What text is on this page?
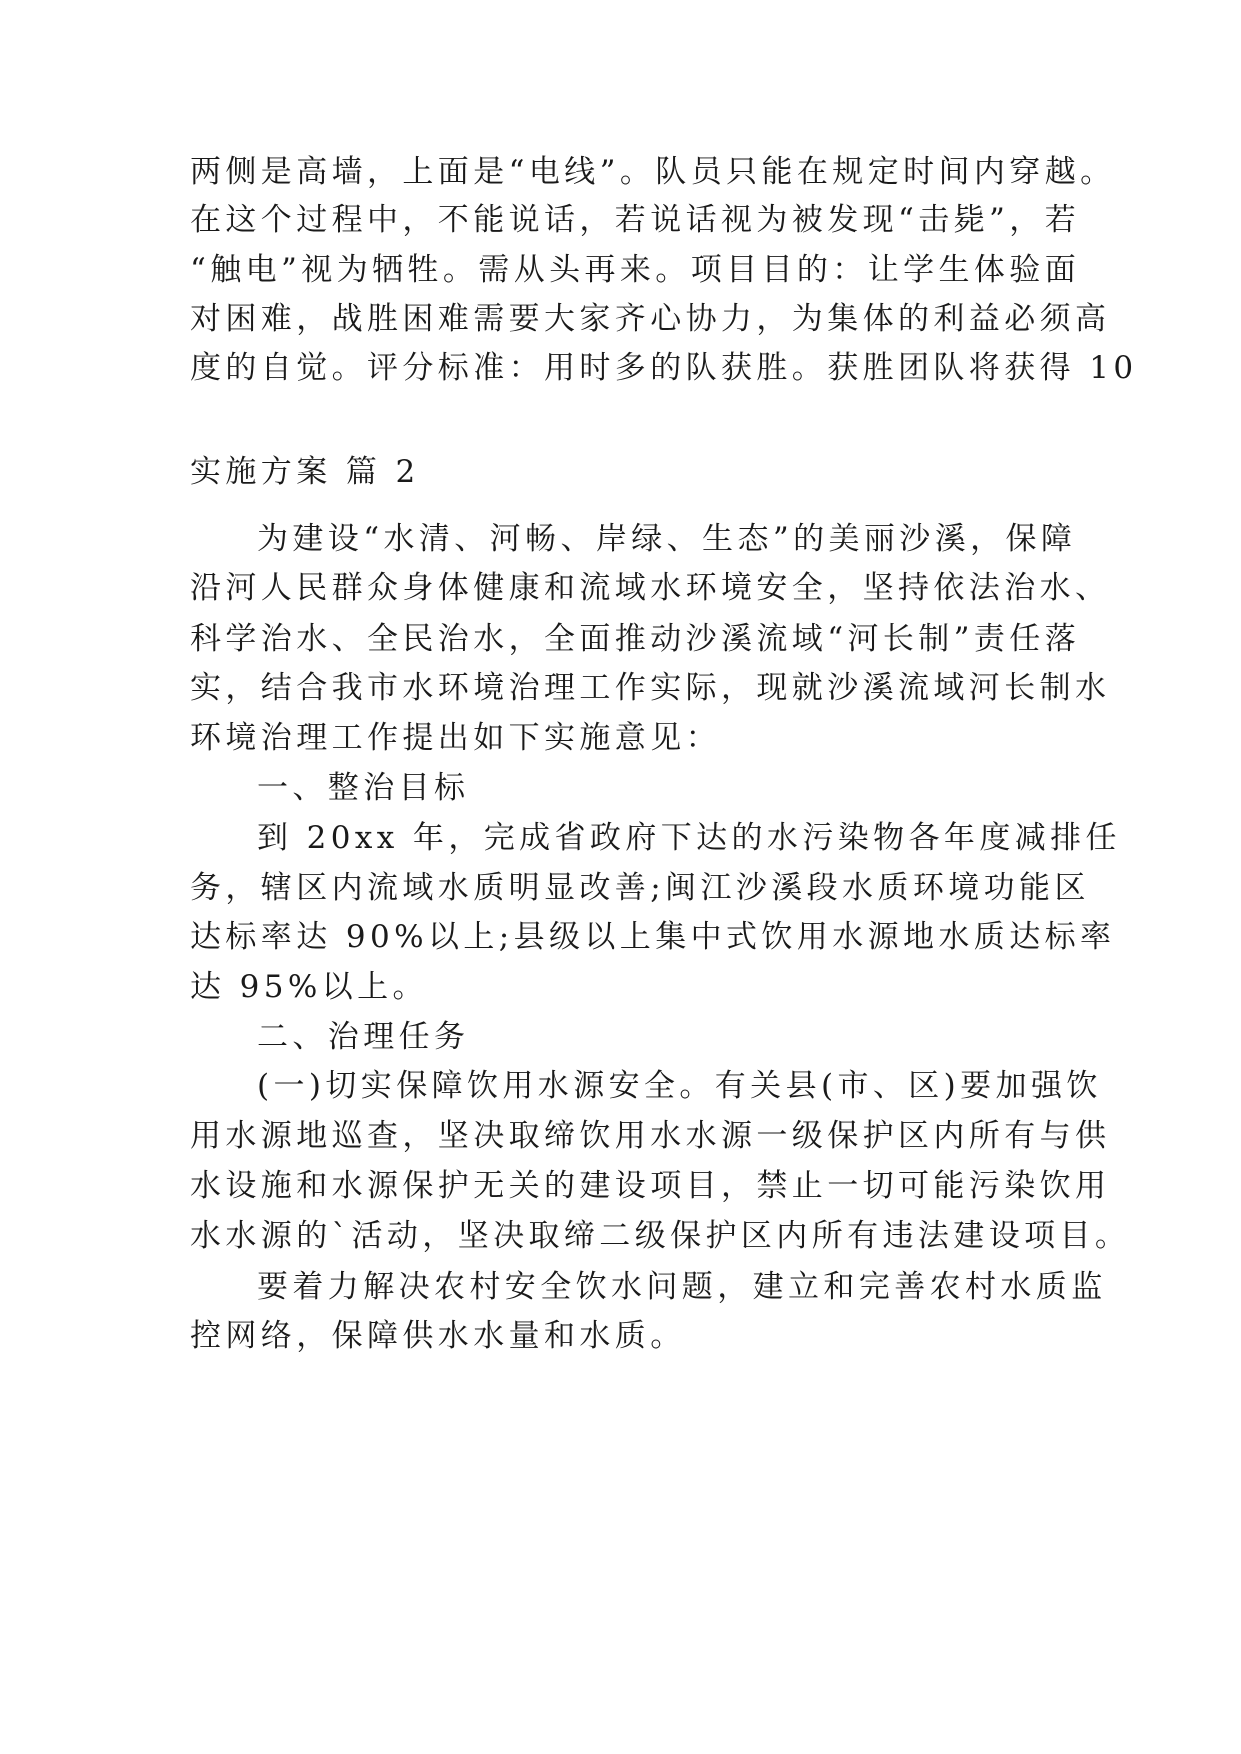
两侧是高墙，上面是“电线”。队员只能在规定时间内穿越。
在这个过程中，不能说话，若说话视为被发现“击毙”，若
“触电”视为牺牲。需从头再来。项目目的：让学生体验面
对困难，战胜困难需要大家齐心协力，为集体的利益必须高
度的自觉。评分标准：用时多的队获胜。获胜团队将获得 10
实施方案 篇 2
为建设“水清、河畅、岸绿、生态”的美丽沙溪，保障
沿河人民群众身体健康和流域水环境安全，坚持依法治水、
科学治水、全民治水，全面推动沙溪流域“河长制”责任落
实，结合我市水环境治理工作实际，现就沙溪流域河长制水
环境治理工作提出如下实施意见：
一、整治目标
到 20xx 年，完成省政府下达的水污染物各年度减排任
务，辖区内流域水质明显改善;闽江沙溪段水质环境功能区
达标率达 90%以上;县级以上集中式饮用水源地水质达标率
达 95%以上。
二、治理任务
(一)切实保障饮用水源安全。有关县(市、区)要加强饮
用水源地巡查，坚决取缔饮用水水源一级保护区内所有与供
水设施和水源保护无关的建设项目，禁止一切可能污染饮用
水水源的`活动，坚决取缔二级保护区内所有违法建设项目。
要着力解决农村安全饮水问题，建立和完善农村水质监
控网络，保障供水水量和水质。
